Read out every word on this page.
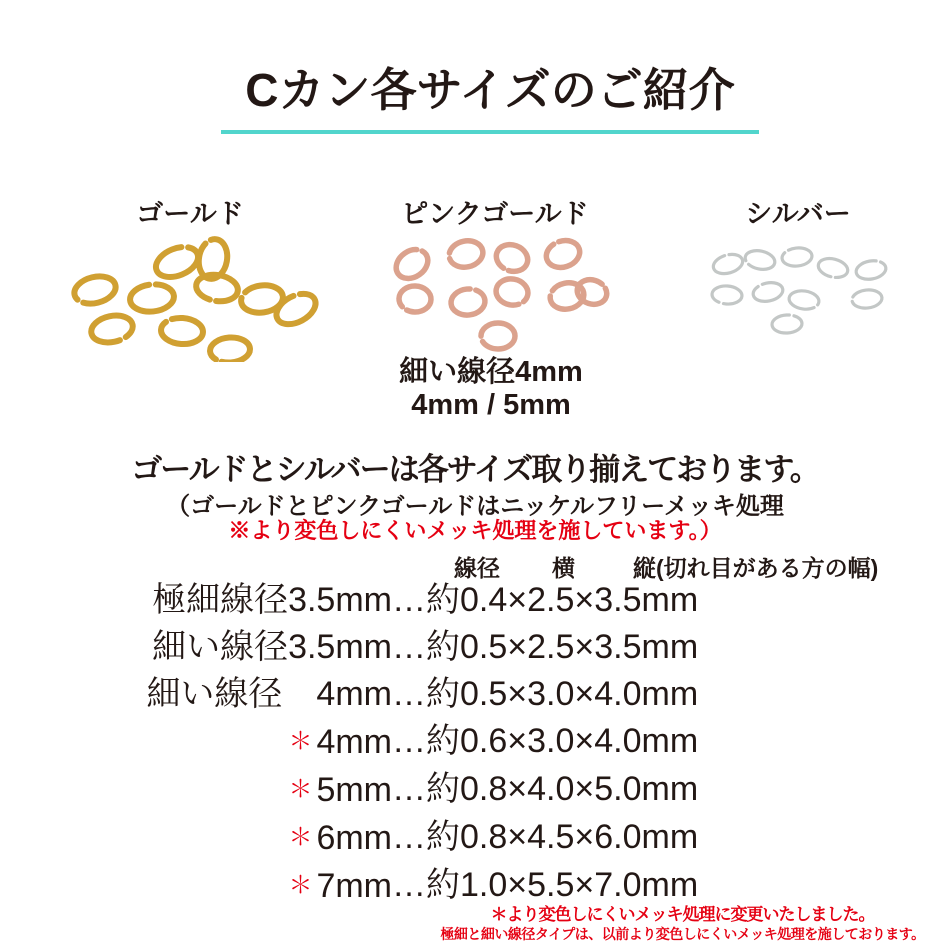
Cカン各サイズのご紹介
ゴールド	ピンクゴールド	シルバー
細い線径4mm
4mm / 5mm
ゴールドとシルバーは各サイズ取り揃えております。
（ゴールドとピンクゴールドはニッケルフリーメッキ処理
※より変色しにくいメッキ処理を施しています。）
線径 横	縦(切れ目がある方の幅)
極細線径3.5mm …約0.4×2.5×3.5mm
細い線径3.5mm …約0.5×2.5×3.5mm
細い線径　4mm …約0.5×3.0×4.0mm
＊ 4mm …約0.6×3.0×4.0mm
＊ 5mm …約0.8×4.0×5.0mm
＊ 6mm …約0.8×4.5×6.0mm
＊ 7mm …約1.0×5.5×7.0mm
＊より変色しにくいメッキ処理に変更いたしました。
極細と細い線径タイプは、以前より変色しにくいメッキ処理を施しております。
